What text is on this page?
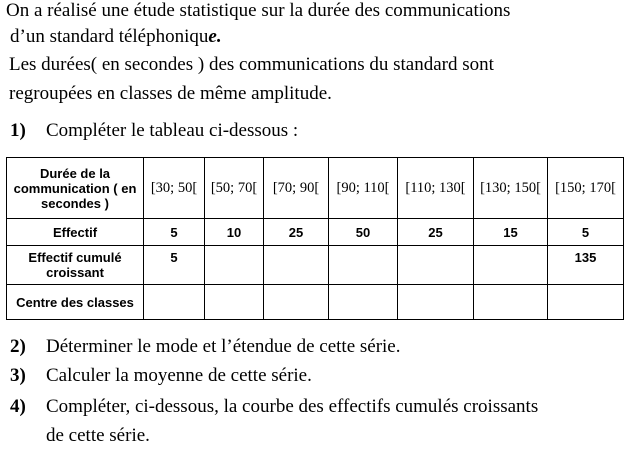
On a réalisé une étude statistique sur la durée des communications
d’un standard téléphonique.
Les durées( en secondes ) des communications du standard sont
regroupées en classes de même amplitude.
1) Compléter le tableau ci-dessous :
Durée de la communication ( en secondes )	[30; 50[	[50; 70[	[70; 90[	[90; 110[	[110; 130[	[130; 150[	[150; 170[
Effectif	5	10	25	50	25	15	5
Effectif cumulé croissant	5						135
Centre des classes							
2) Déterminer le mode et l’étendue de cette série.
3) Calculer la moyenne de cette série.
4) Compléter, ci-dessous, la courbe des effectifs cumulés croissants
de cette série.
